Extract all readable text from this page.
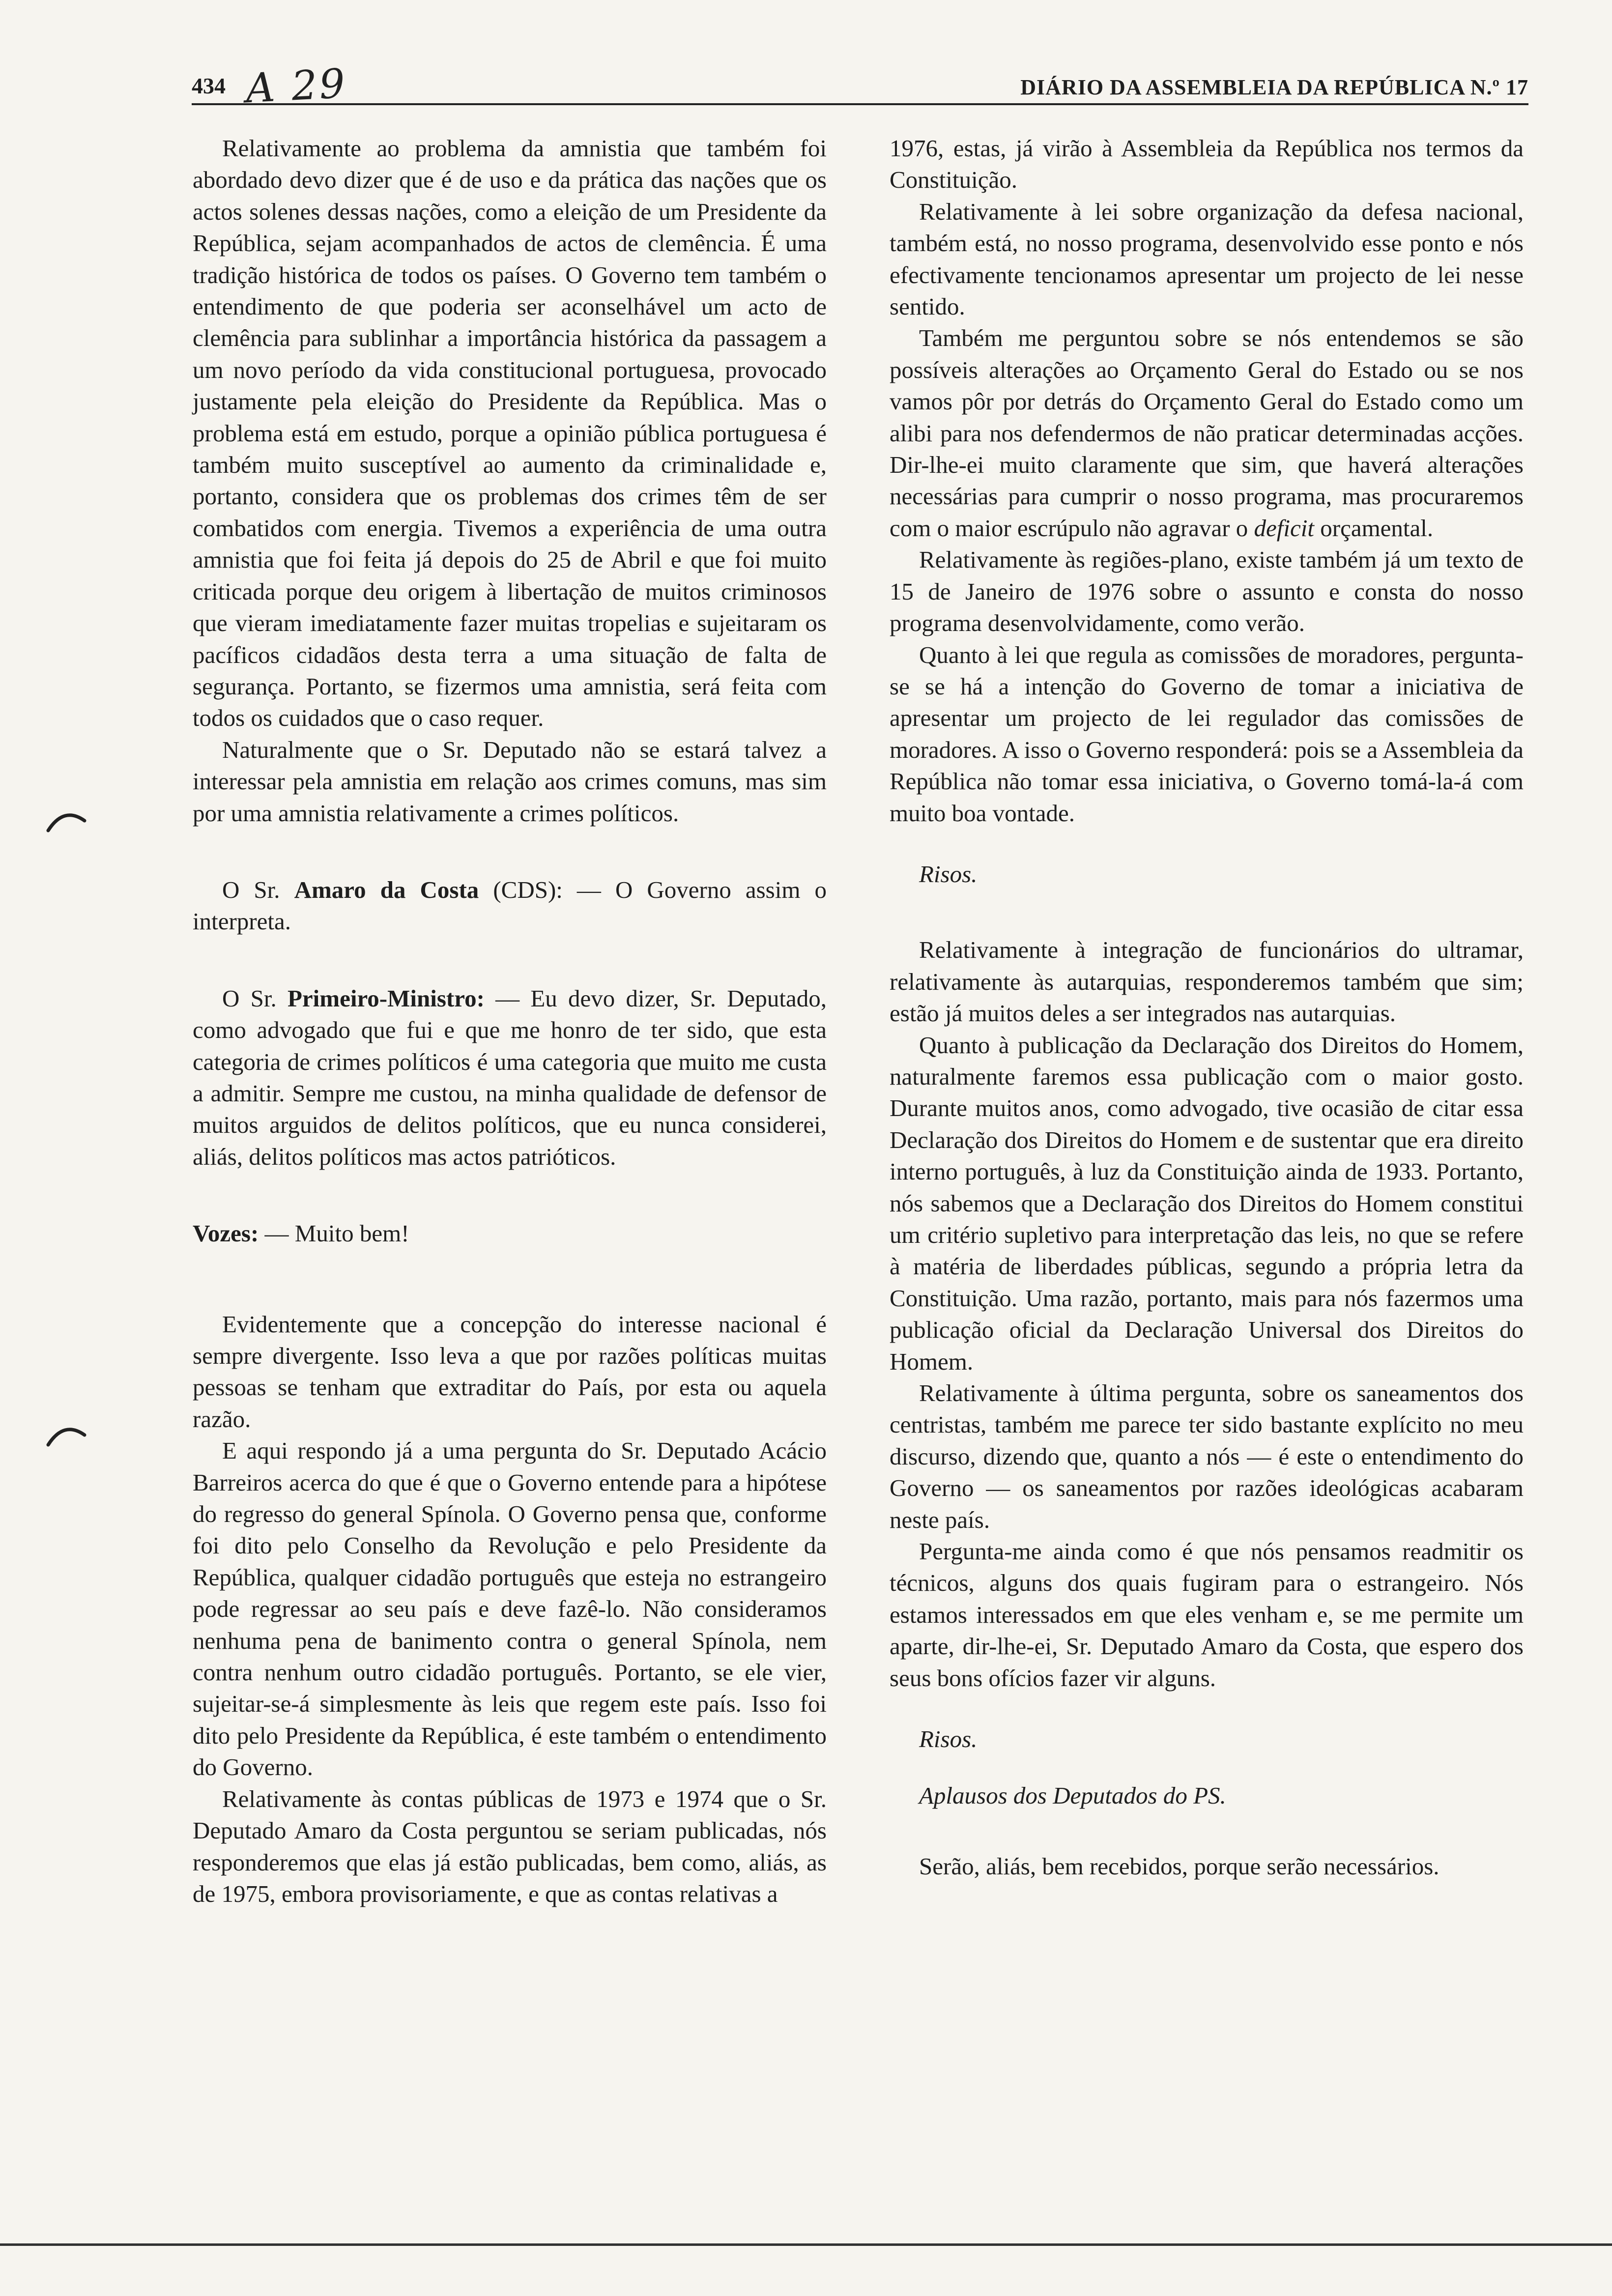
434 A 29	DIÁRIO DA ASSEMBLEIA DA REPÚBLICA N.º 17

Relativamente ao problema da amnistia que também foi abordado devo dizer que é de uso e da prática das nações que os actos solenes dessas nações, como a eleição de um Presidente da República, sejam acompanhados de actos de clemência. É uma tradição histórica de todos os países. O Governo tem também o entendimento de que poderia ser aconselhável um acto de clemência para sublinhar a importância histórica da passagem a um novo período da vida constitucional portuguesa, provocado justamente pela eleição do Presidente da República. Mas o problema está em estudo, porque a opinião pública portuguesa é também muito susceptível ao aumento da criminalidade e, portanto, considera que os problemas dos crimes têm de ser combatidos com energia. Tivemos a experiência de uma outra amnistia que foi feita já depois do 25 de Abril e que foi muito criticada porque deu origem à libertação de muitos criminosos que vieram imediatamente fazer muitas tropelias e sujeitaram os pacíficos cidadãos desta terra a uma situação de falta de segurança. Portanto, se fizermos uma amnistia, será feita com todos os cuidados que o caso requer.

Naturalmente que o Sr. Deputado não se estará talvez a interessar pela amnistia em relação aos crimes comuns, mas sim por uma amnistia relativamente a crimes políticos.

O Sr. Amaro da Costa (CDS): — O Governo assim o interpreta.

O Sr. Primeiro-Ministro: — Eu devo dizer, Sr. Deputado, como advogado que fui e que me honro de ter sido, que esta categoria de crimes políticos é uma categoria que muito me custa a admitir. Sempre me custou, na minha qualidade de defensor de muitos arguidos de delitos políticos, que eu nunca considerei, aliás, delitos políticos mas actos patrióticos.

Vozes: — Muito bem!

Evidentemente que a concepção do interesse nacional é sempre divergente. Isso leva a que por razões políticas muitas pessoas se tenham que extraditar do País, por esta ou aquela razão.

E aqui respondo já a uma pergunta do Sr. Deputado Acácio Barreiros acerca do que é que o Governo entende para a hipótese do regresso do general Spínola. O Governo pensa que, conforme foi dito pelo Conselho da Revolução e pelo Presidente da República, qualquer cidadão português que esteja no estrangeiro pode regressar ao seu país e deve fazê-lo. Não consideramos nenhuma pena de banimento contra o general Spínola, nem contra nenhum outro cidadão português. Portanto, se ele vier, sujeitar-se-á simplesmente às leis que regem este país. Isso foi dito pelo Presidente da República, é este também o entendimento do Governo.

Relativamente às contas públicas de 1973 e 1974 que o Sr. Deputado Amaro da Costa perguntou se seriam publicadas, nós responderemos que elas já estão publicadas, bem como, aliás, as de 1975, embora provisoriamente, e que as contas relativas a

1976, estas, já virão à Assembleia da República nos termos da Constituição.

Relativamente à lei sobre organização da defesa nacional, também está, no nosso programa, desenvolvido esse ponto e nós efectivamente tencionamos apresentar um projecto de lei nesse sentido.

Também me perguntou sobre se nós entendemos se são possíveis alterações ao Orçamento Geral do Estado ou se nos vamos pôr por detrás do Orçamento Geral do Estado como um alibi para nos defendermos de não praticar determinadas acções. Dir-lhe-ei muito claramente que sim, que haverá alterações necessárias para cumprir o nosso programa, mas procuraremos com o maior escrúpulo não agravar o deficit orçamental.

Relativamente às regiões-plano, existe também já um texto de 15 de Janeiro de 1976 sobre o assunto e consta do nosso programa desenvolvidamente, como verão.

Quanto à lei que regula as comissões de moradores, pergunta-se se há a intenção do Governo de tomar a iniciativa de apresentar um projecto de lei regulador das comissões de moradores. A isso o Governo responderá: pois se a Assembleia da República não tomar essa iniciativa, o Governo tomá-la-á com muito boa vontade.

Risos.

Relativamente à integração de funcionários do ultramar, relativamente às autarquias, responderemos também que sim; estão já muitos deles a ser integrados nas autarquias.

Quanto à publicação da Declaração dos Direitos do Homem, naturalmente faremos essa publicação com o maior gosto. Durante muitos anos, como advogado, tive ocasião de citar essa Declaração dos Direitos do Homem e de sustentar que era direito interno português, à luz da Constituição ainda de 1933. Portanto, nós sabemos que a Declaração dos Direitos do Homem constitui um critério supletivo para interpretação das leis, no que se refere à matéria de liberdades públicas, segundo a própria letra da Constituição. Uma razão, portanto, mais para nós fazermos uma publicação oficial da Declaração Universal dos Direitos do Homem.

Relativamente à última pergunta, sobre os saneamentos dos centristas, também me parece ter sido bastante explícito no meu discurso, dizendo que, quanto a nós — é este o entendimento do Governo — os saneamentos por razões ideológicas acabaram neste país.

Pergunta-me ainda como é que nós pensamos readmitir os técnicos, alguns dos quais fugiram para o estrangeiro. Nós estamos interessados em que eles venham e, se me permite um aparte, dir-lhe-ei, Sr. Deputado Amaro da Costa, que espero dos seus bons ofícios fazer vir alguns.

Risos.

Aplausos dos Deputados do PS.

Serão, aliás, bem recebidos, porque serão necessários.
